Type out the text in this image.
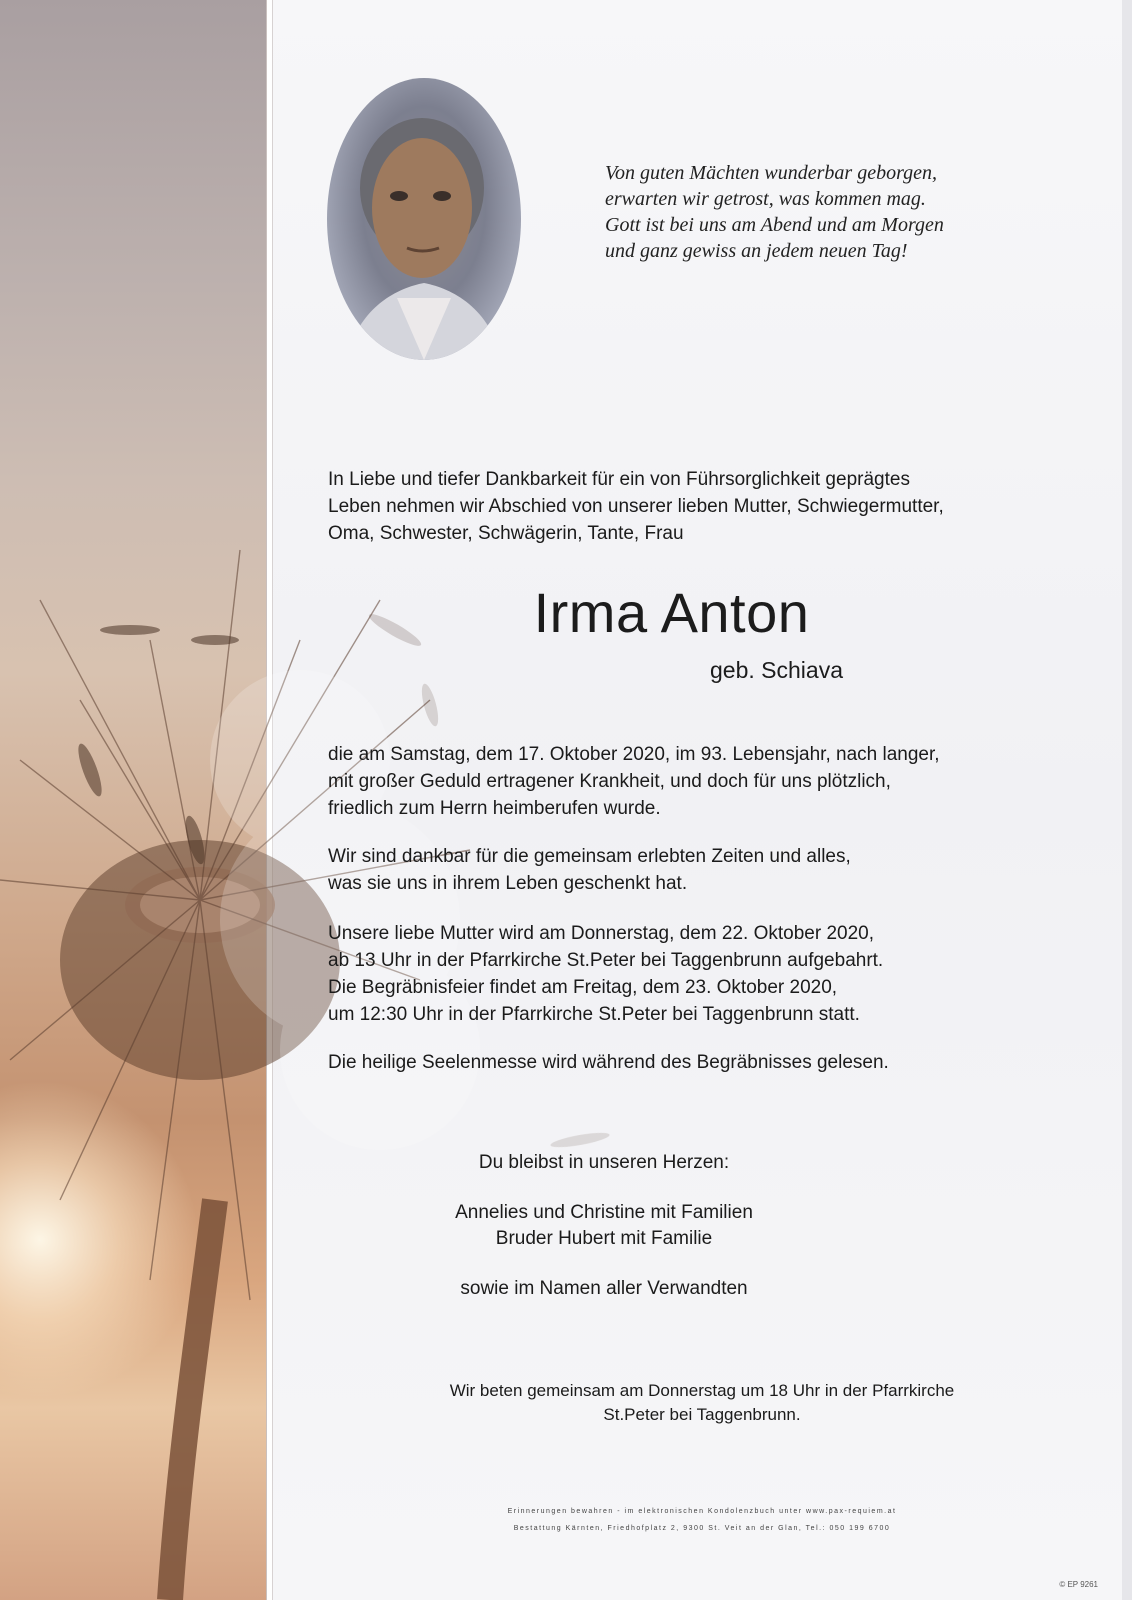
Von guten Mächten wunderbar geborgen,
erwarten wir getrost, was kommen mag.
Gott ist bei uns am Abend und am Morgen
und ganz gewiss an jedem neuen Tag!
In Liebe und tiefer Dankbarkeit für ein von Führsorglichkeit geprägtes
Leben nehmen wir Abschied von unserer lieben Mutter, Schwiegermutter,
Oma, Schwester, Schwägerin, Tante, Frau
Irma Anton
geb. Schiava
die am Samstag, dem 17. Oktober 2020, im 93. Lebensjahr, nach langer,
mit großer Geduld ertragener Krankheit, und doch für uns plötzlich,
friedlich zum Herrn heimberufen wurde.
Wir sind dankbar für die gemeinsam erlebten Zeiten und alles,
was sie uns in ihrem Leben geschenkt hat.
Unsere liebe Mutter wird am Donnerstag, dem 22. Oktober 2020,
ab 13 Uhr in der Pfarrkirche St.Peter bei Taggenbrunn aufgebahrt.
Die Begräbnisfeier findet am Freitag, dem 23. Oktober 2020,
um 12:30 Uhr in der Pfarrkirche St.Peter bei Taggenbrunn statt.
Die heilige Seelenmesse wird während des Begräbnisses gelesen.
Du bleibst in unseren Herzen:
Annelies und Christine mit Familien
Bruder Hubert mit Familie
sowie im Namen aller Verwandten
Wir beten gemeinsam am Donnerstag um 18 Uhr in der Pfarrkirche
St.Peter bei Taggenbrunn.
Erinnerungen bewahren - im elektronischen Kondolenzbuch unter www.pax-requiem.at
Bestattung Kärnten, Friedhofplatz 2, 9300 St. Veit an der Glan, Tel.: 050 199 6700
© EP 9261
